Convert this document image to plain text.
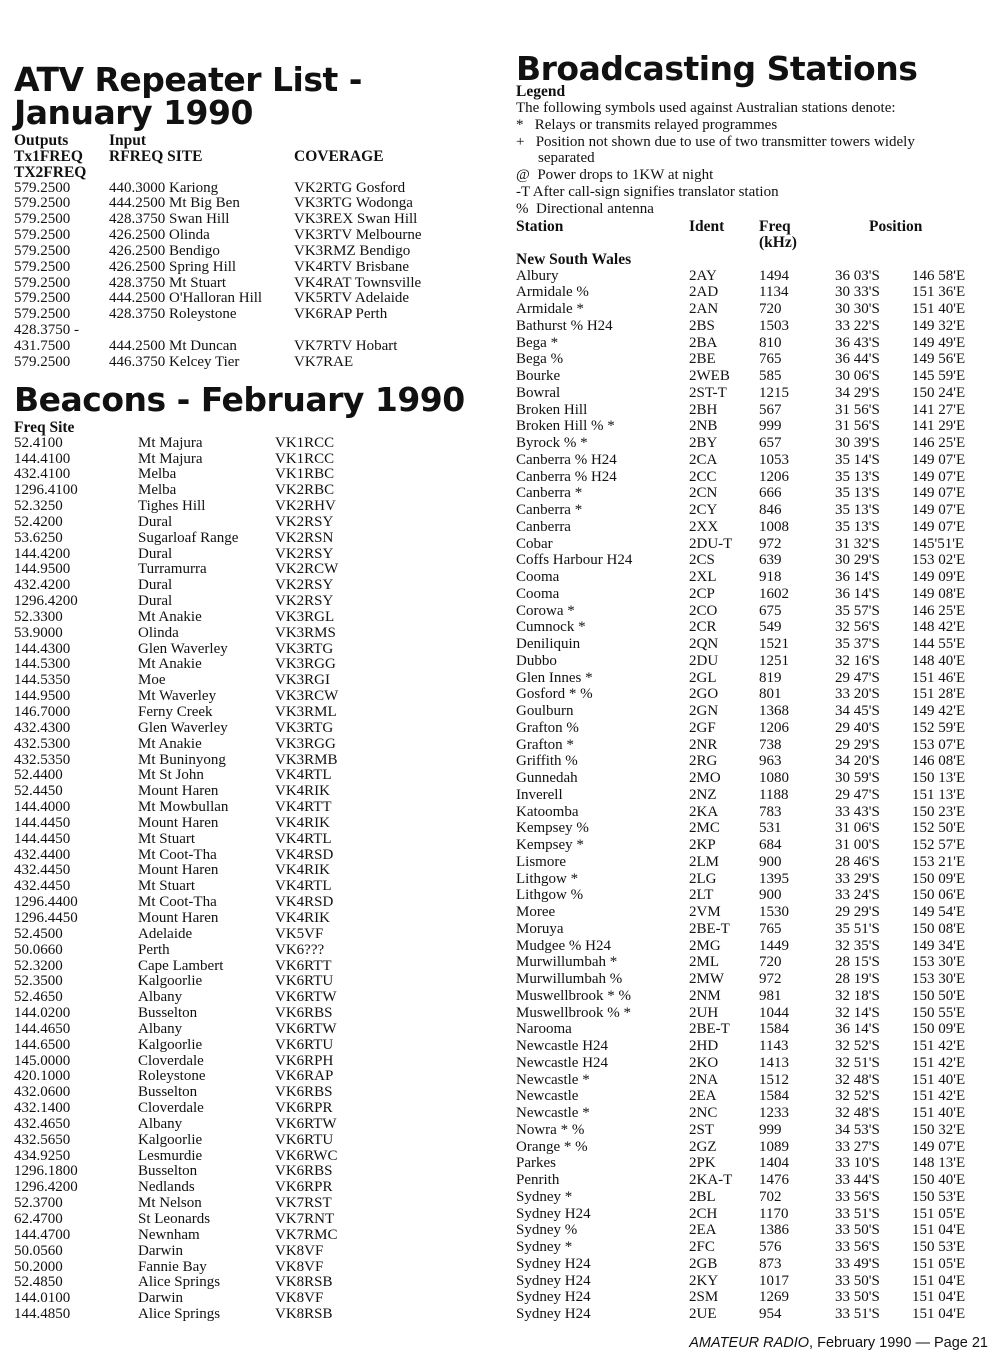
ATV Repeater List - January 1990
Outputs	Input
Tx1FREQ	RFREQ SITE	COVERAGE
TX2FREQ
579.2500	440.3000 Kariong	VK2RTG Gosford
579.2500	444.2500 Mt Big Ben	VK3RTG Wodonga
579.2500	428.3750 Swan Hill	VK3REX Swan Hill
579.2500	426.2500 Olinda	VK3RTV Melbourne
579.2500	426.2500 Bendigo	VK3RMZ Bendigo
579.2500	426.2500 Spring Hill	VK4RTV Brisbane
579.2500	428.3750 Mt Stuart	VK4RAT Townsville
579.2500	444.2500 O'Halloran Hill	VK5RTV Adelaide
579.2500	428.3750 Roleystone	VK6RAP Perth
428.3750 -
431.7500	444.2500 Mt Duncan	VK7RTV Hobart
579.2500	446.3750 Kelcey Tier	VK7RAE
Beacons - February 1990
Freq Site
52.4100	Mt Majura	VK1RCC
144.4100	Mt Majura	VK1RCC
432.4100	Melba	VK1RBC
1296.4100	Melba	VK2RBC
52.3250	Tighes Hill	VK2RHV
52.4200	Dural	VK2RSY
53.6250	Sugarloaf Range	VK2RSN
144.4200	Dural	VK2RSY
144.9500	Turramurra	VK2RCW
432.4200	Dural	VK2RSY
1296.4200	Dural	VK2RSY
52.3300	Mt Anakie	VK3RGL
53.9000	Olinda	VK3RMS
144.4300	Glen Waverley	VK3RTG
144.5300	Mt Anakie	VK3RGG
144.5350	Moe	VK3RGI
144.9500	Mt Waverley	VK3RCW
146.7000	Ferny Creek	VK3RML
432.4300	Glen Waverley	VK3RTG
432.5300	Mt Anakie	VK3RGG
432.5350	Mt Buninyong	VK3RMB
52.4400	Mt St John	VK4RTL
52.4450	Mount Haren	VK4RIK
144.4000	Mt Mowbullan	VK4RTT
144.4450	Mount Haren	VK4RIK
144.4450	Mt Stuart	VK4RTL
432.4400	Mt Coot-Tha	VK4RSD
432.4450	Mount Haren	VK4RIK
432.4450	Mt Stuart	VK4RTL
1296.4400	Mt Coot-Tha	VK4RSD
1296.4450	Mount Haren	VK4RIK
52.4500	Adelaide	VK5VF
50.0660	Perth	VK6???
52.3200	Cape Lambert	VK6RTT
52.3500	Kalgoorlie	VK6RTU
52.4650	Albany	VK6RTW
144.0200	Busselton	VK6RBS
144.4650	Albany	VK6RTW
144.6500	Kalgoorlie	VK6RTU
145.0000	Cloverdale	VK6RPH
420.1000	Roleystone	VK6RAP
432.0600	Busselton	VK6RBS
432.1400	Cloverdale	VK6RPR
432.4650	Albany	VK6RTW
432.5650	Kalgoorlie	VK6RTU
434.9250	Lesmurdie	VK6RWC
1296.1800	Busselton	VK6RBS
1296.4200	Nedlands	VK6RPR
52.3700	Mt Nelson	VK7RST
62.4700	St Leonards	VK7RNT
144.4700	Newnham	VK7RMC
50.0560	Darwin	VK8VF
50.2000	Fannie Bay	VK8VF
52.4850	Alice Springs	VK8RSB
144.0100	Darwin	VK8VF
144.4850	Alice Springs	VK8RSB
Broadcasting Stations
Legend
The following symbols used against Australian stations denote:
*   Relays or transmits relayed programmes
+   Position not shown due to use of two transmitter towers widely
separated
@  Power drops to 1KW at night
-T After call-sign signifies translator station
%  Directional antenna
Station	Ident	Freq
(kHz)
Position
New South Wales
Albury	2AY	1494	36 03'S	146 58'E
Armidale %	2AD	1134	30 33'S	151 36'E
Armidale *	2AN	720	30 30'S	151 40'E
Bathurst % H24	2BS	1503	33 22'S	149 32'E
Bega *	2BA	810	36 43'S	149 49'E
Bega %	2BE	765	36 44'S	149 56'E
Bourke	2WEB	585	30 06'S	145 59'E
Bowral	2ST-T	1215	34 29'S	150 24'E
Broken Hill	2BH	567	31 56'S	141 27'E
Broken Hill % *	2NB	999	31 56'S	141 29'E
Byrock % *	2BY	657	30 39'S	146 25'E
Canberra % H24	2CA	1053	35 14'S	149 07'E
Canberra % H24	2CC	1206	35 13'S	149 07'E
Canberra *	2CN	666	35 13'S	149 07'E
Canberra *	2CY	846	35 13'S	149 07'E
Canberra	2XX	1008	35 13'S	149 07'E
Cobar	2DU-T	972	31 32'S	145'51'E
Coffs Harbour H24	2CS	639	30 29'S	153 02'E
Cooma	2XL	918	36 14'S	149 09'E
Cooma	2CP	1602	36 14'S	149 08'E
Corowa *	2CO	675	35 57'S	146 25'E
Cumnock *	2CR	549	32 56'S	148 42'E
Deniliquin	2QN	1521	35 37'S	144 55'E
Dubbo	2DU	1251	32 16'S	148 40'E
Glen Innes *	2GL	819	29 47'S	151 46'E
Gosford * %	2GO	801	33 20'S	151 28'E
Goulburn	2GN	1368	34 45'S	149 42'E
Grafton %	2GF	1206	29 40'S	152 59'E
Grafton *	2NR	738	29 29'S	153 07'E
Griffith %	2RG	963	34 20'S	146 08'E
Gunnedah	2MO	1080	30 59'S	150 13'E
Inverell	2NZ	1188	29 47'S	151 13'E
Katoomba	2KA	783	33 43'S	150 23'E
Kempsey %	2MC	531	31 06'S	152 50'E
Kempsey *	2KP	684	31 00'S	152 57'E
Lismore	2LM	900	28 46'S	153 21'E
Lithgow *	2LG	1395	33 29'S	150 09'E
Lithgow %	2LT	900	33 24'S	150 06'E
Moree	2VM	1530	29 29'S	149 54'E
Moruya	2BE-T	765	35 51'S	150 08'E
Mudgee % H24	2MG	1449	32 35'S	149 34'E
Murwillumbah *	2ML	720	28 15'S	153 30'E
Murwillumbah %	2MW	972	28 19'S	153 30'E
Muswellbrook * %	2NM	981	32 18'S	150 50'E
Muswellbrook % *	2UH	1044	32 14'S	150 55'E
Narooma	2BE-T	1584	36 14'S	150 09'E
Newcastle H24	2HD	1143	32 52'S	151 42'E
Newcastle H24	2KO	1413	32 51'S	151 42'E
Newcastle *	2NA	1512	32 48'S	151 40'E
Newcastle	2EA	1584	32 52'S	151 42'E
Newcastle *	2NC	1233	32 48'S	151 40'E
Nowra * %	2ST	999	34 53'S	150 32'E
Orange * %	2GZ	1089	33 27'S	149 07'E
Parkes	2PK	1404	33 10'S	148 13'E
Penrith	2KA-T	1476	33 44'S	150 40'E
Sydney *	2BL	702	33 56'S	150 53'E
Sydney H24	2CH	1170	33 51'S	151 05'E
Sydney %	2EA	1386	33 50'S	151 04'E
Sydney *	2FC	576	33 56'S	150 53'E
Sydney H24	2GB	873	33 49'S	151 05'E
Sydney H24	2KY	1017	33 50'S	151 04'E
Sydney H24	2SM	1269	33 50'S	151 04'E
Sydney H24	2UE	954	33 51'S	151 04'E
AMATEUR RADIO, February 1990 — Page 21
